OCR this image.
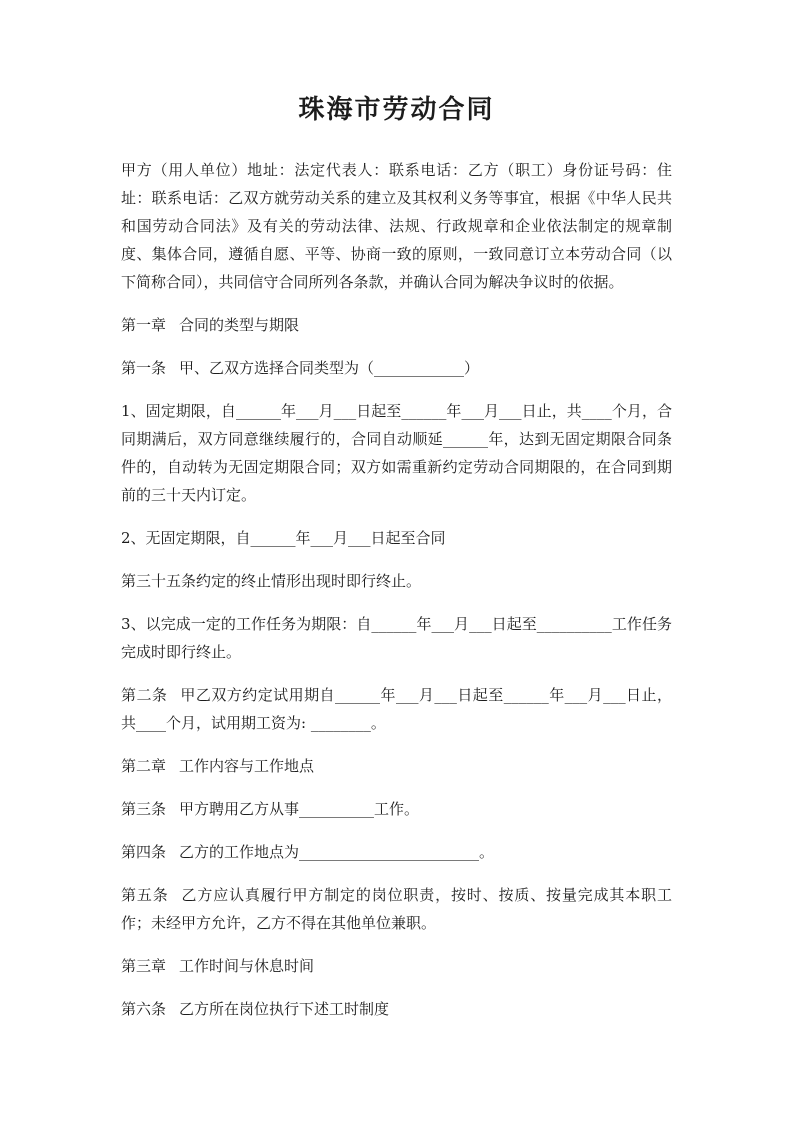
珠海市劳动合同

甲方（用人单位）地址：法定代表人：联系电话：乙方（职工）身份证号码：住址：联系电话：乙双方就劳动关系的建立及其权利义务等事宜，根据《中华人民共和国劳动合同法》及有关的劳动法律、法规、行政规章和企业依法制定的规章制度、集体合同，遵循自愿、平等、协商一致的原则，一致同意订立本劳动合同（以下简称合同），共同信守合同所列各条款，并确认合同为解决争议时的依据。

第一章 合同的类型与期限

第一条 甲、乙双方选择合同类型为（____________）

1、固定期限，自______年___月___日起至______年___月___日止，共____个月，合同期满后，双方同意继续履行的，合同自动顺延______年，达到无固定期限合同条件的，自动转为无固定期限合同；双方如需重新约定劳动合同期限的，在合同到期前的三十天内订定。

2、无固定期限，自______年___月___日起至合同

第三十五条约定的终止情形出现时即行终止。

3、以完成一定的工作任务为期限：自______年___月___日起至__________工作任务完成时即行终止。

第二条 甲乙双方约定试用期自______年___月___日起至______年___月___日止，共____个月，试用期工资为: ________。

第二章 工作内容与工作地点

第三条 甲方聘用乙方从事__________工作。

第四条 乙方的工作地点为________________________。

第五条 乙方应认真履行甲方制定的岗位职责，按时、按质、按量完成其本职工作；未经甲方允许，乙方不得在其他单位兼职。

第三章 工作时间与休息时间

第六条 乙方所在岗位执行下述工时制度
